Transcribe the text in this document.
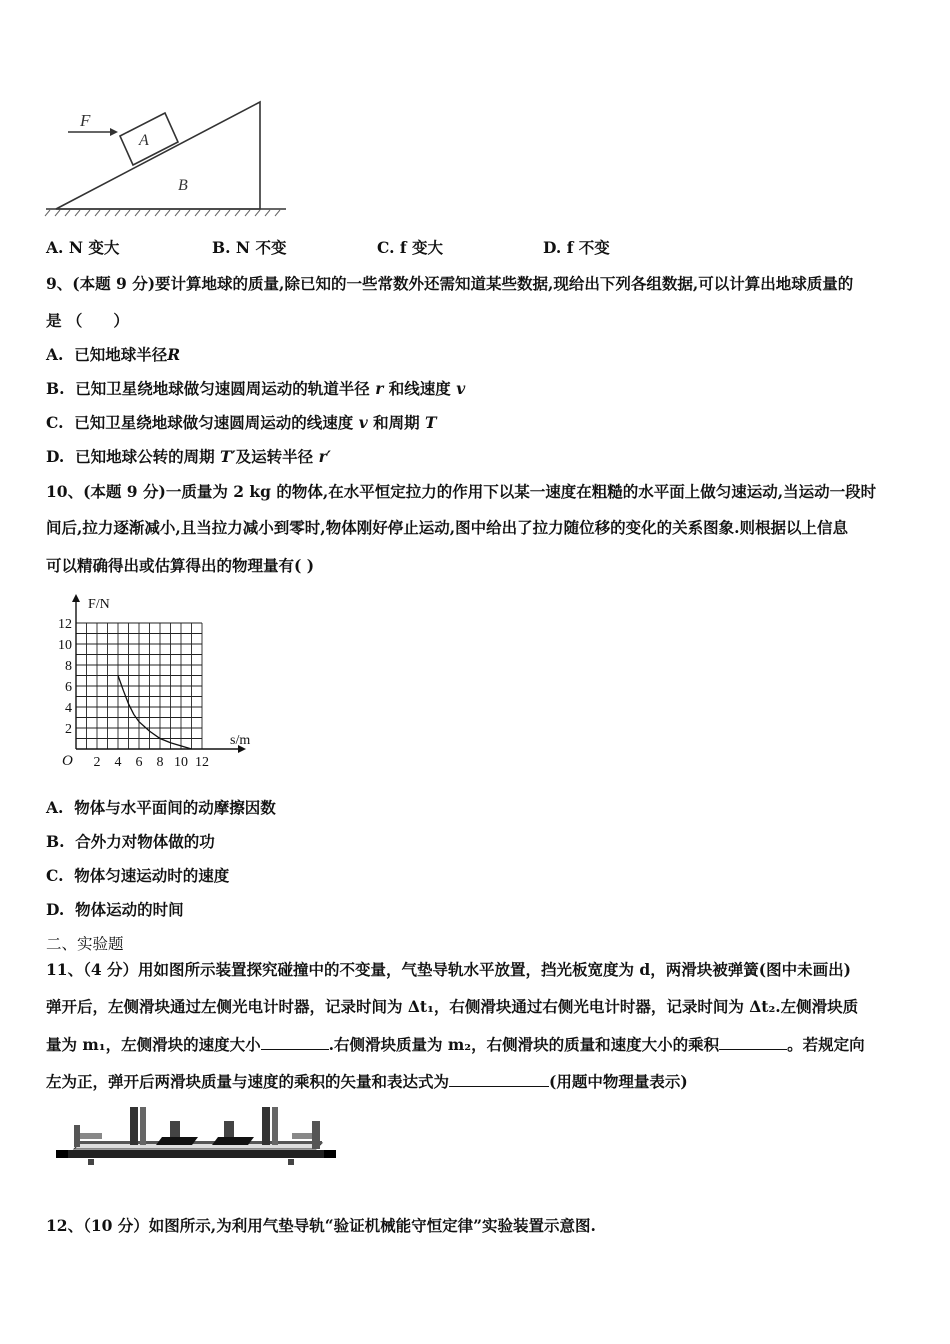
F
A
B
A. N 变大	B. N 不变	C. f 变大	D. f 不变
9、(本题 9 分)要计算地球的质量,除已知的一些常数外还需知道某些数据,现给出下列各组数据,可以计算出地球质量的
是 （　　）
A. 已知地球半径R
B. 已知卫星绕地球做匀速圆周运动的轨道半径 r 和线速度 v
C. 已知卫星绕地球做匀速圆周运动的线速度 v 和周期 T
D. 已知地球公转的周期 T′及运转半径 r′
10、(本题 9 分)一质量为 2 kg 的物体,在水平恒定拉力的作用下以某一速度在粗糙的水平面上做匀速运动,当运动一段时
间后,拉力逐渐减小,且当拉力减小到零时,物体刚好停止运动,图中给出了拉力随位移的变化的关系图象.则根据以上信息
可以精确得出或估算得出的物理量有( )
2
4
6
8
10
12
2 4 6 8 10 12
F/N
s/m
O
A. 物体与水平面间的动摩擦因数
B. 合外力对物体做的功
C. 物体匀速运动时的速度
D. 物体运动的时间
二、实验题
11、（4 分）用如图所示装置探究碰撞中的不变量，气垫导轨水平放置，挡光板宽度为 d，两滑块被弹簧(图中未画出)
弹开后，左侧滑块通过左侧光电计时器，记录时间为 Δt₁，右侧滑块通过右侧光电计时器，记录时间为 Δt₂.左侧滑块质
量为 m₁，左侧滑块的速度大小	.右侧滑块质量为 m₂，右侧滑块的质量和速度大小的乘积	。若规定向
左为正，弹开后两滑块质量与速度的乘积的矢量和表达式为	(用题中物理量表示)
12、（10 分）如图所示,为利用气垫导轨“验证机械能守恒定律”实验装置示意图.
